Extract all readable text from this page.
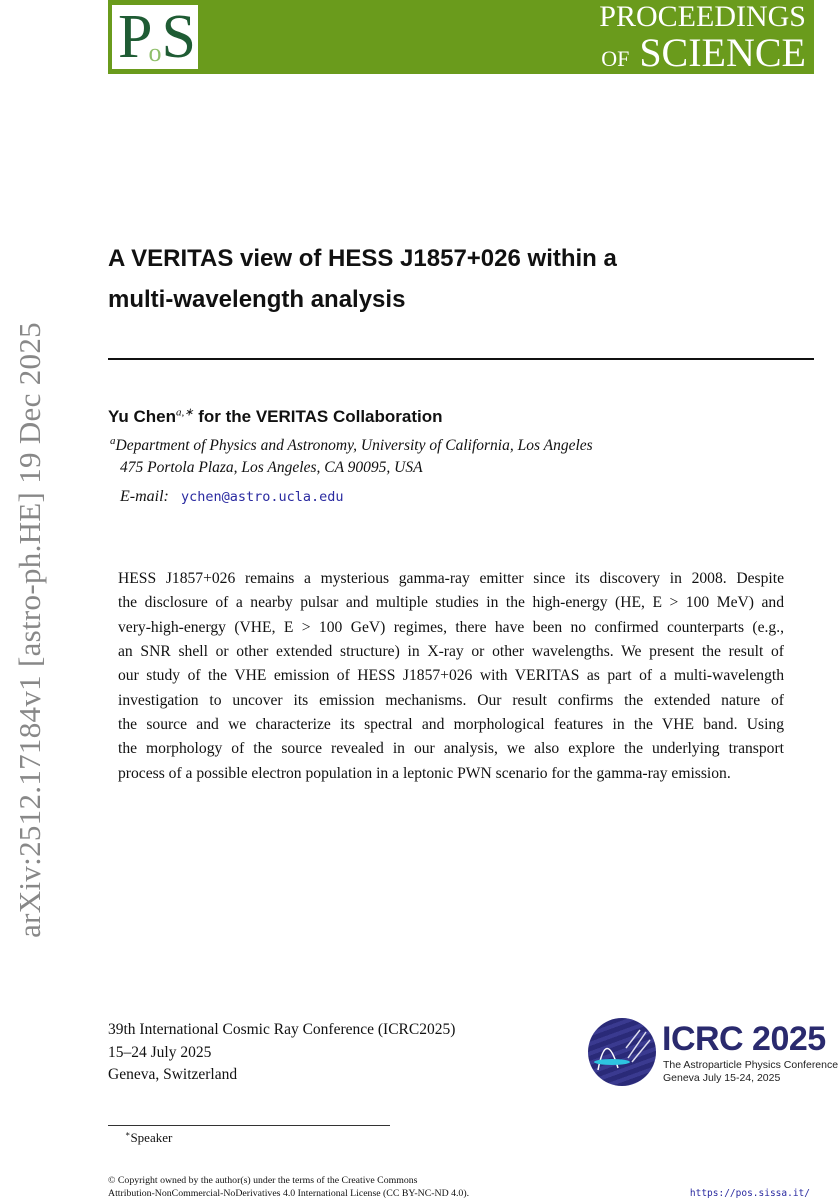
PoS	PROCEEDINGS
OF SCIENCE
arXiv:2512.17184v1 [astro-ph.HE] 19 Dec 2025
A VERITAS view of HESS J1857+026 within a
multi-wavelength analysis
Yu Chen$^{a,∗}$ for the VERITAS Collaboration
$^a$Department of Physics and Astronomy, University of California, Los Angeles
475 Portola Plaza, Los Angeles, CA 90095, USA
E-mail: ychen@astro.ucla.edu
HESS J1857+026 remains a mysterious gamma-ray emitter since its discovery in 2008. Despite
the disclosure of a nearby pulsar and multiple studies in the high-energy (HE, E > 100 MeV) and
very-high-energy (VHE, E > 100 GeV) regimes, there have been no confirmed counterparts (e.g.,
an SNR shell or other extended structure) in X-ray or other wavelengths. We present the result of
our study of the VHE emission of HESS J1857+026 with VERITAS as part of a multi-wavelength
investigation to uncover its emission mechanisms. Our result confirms the extended nature of
the source and we characterize its spectral and morphological features in the VHE band. Using
the morphology of the source revealed in our analysis, we also explore the underlying transport
process of a possible electron population in a leptonic PWN scenario for the gamma-ray emission.
39th International Cosmic Ray Conference (ICRC2025)
15–24 July 2025
Geneva, Switzerland
ICRC 2025
The Astroparticle Physics Conference
Geneva July 15-24, 2025
∗Speaker
© Copyright owned by the author(s) under the terms of the Creative Commons
Attribution-NonCommercial-NoDerivatives 4.0 International License (CC BY-NC-ND 4.0).	https://pos.sissa.it/
